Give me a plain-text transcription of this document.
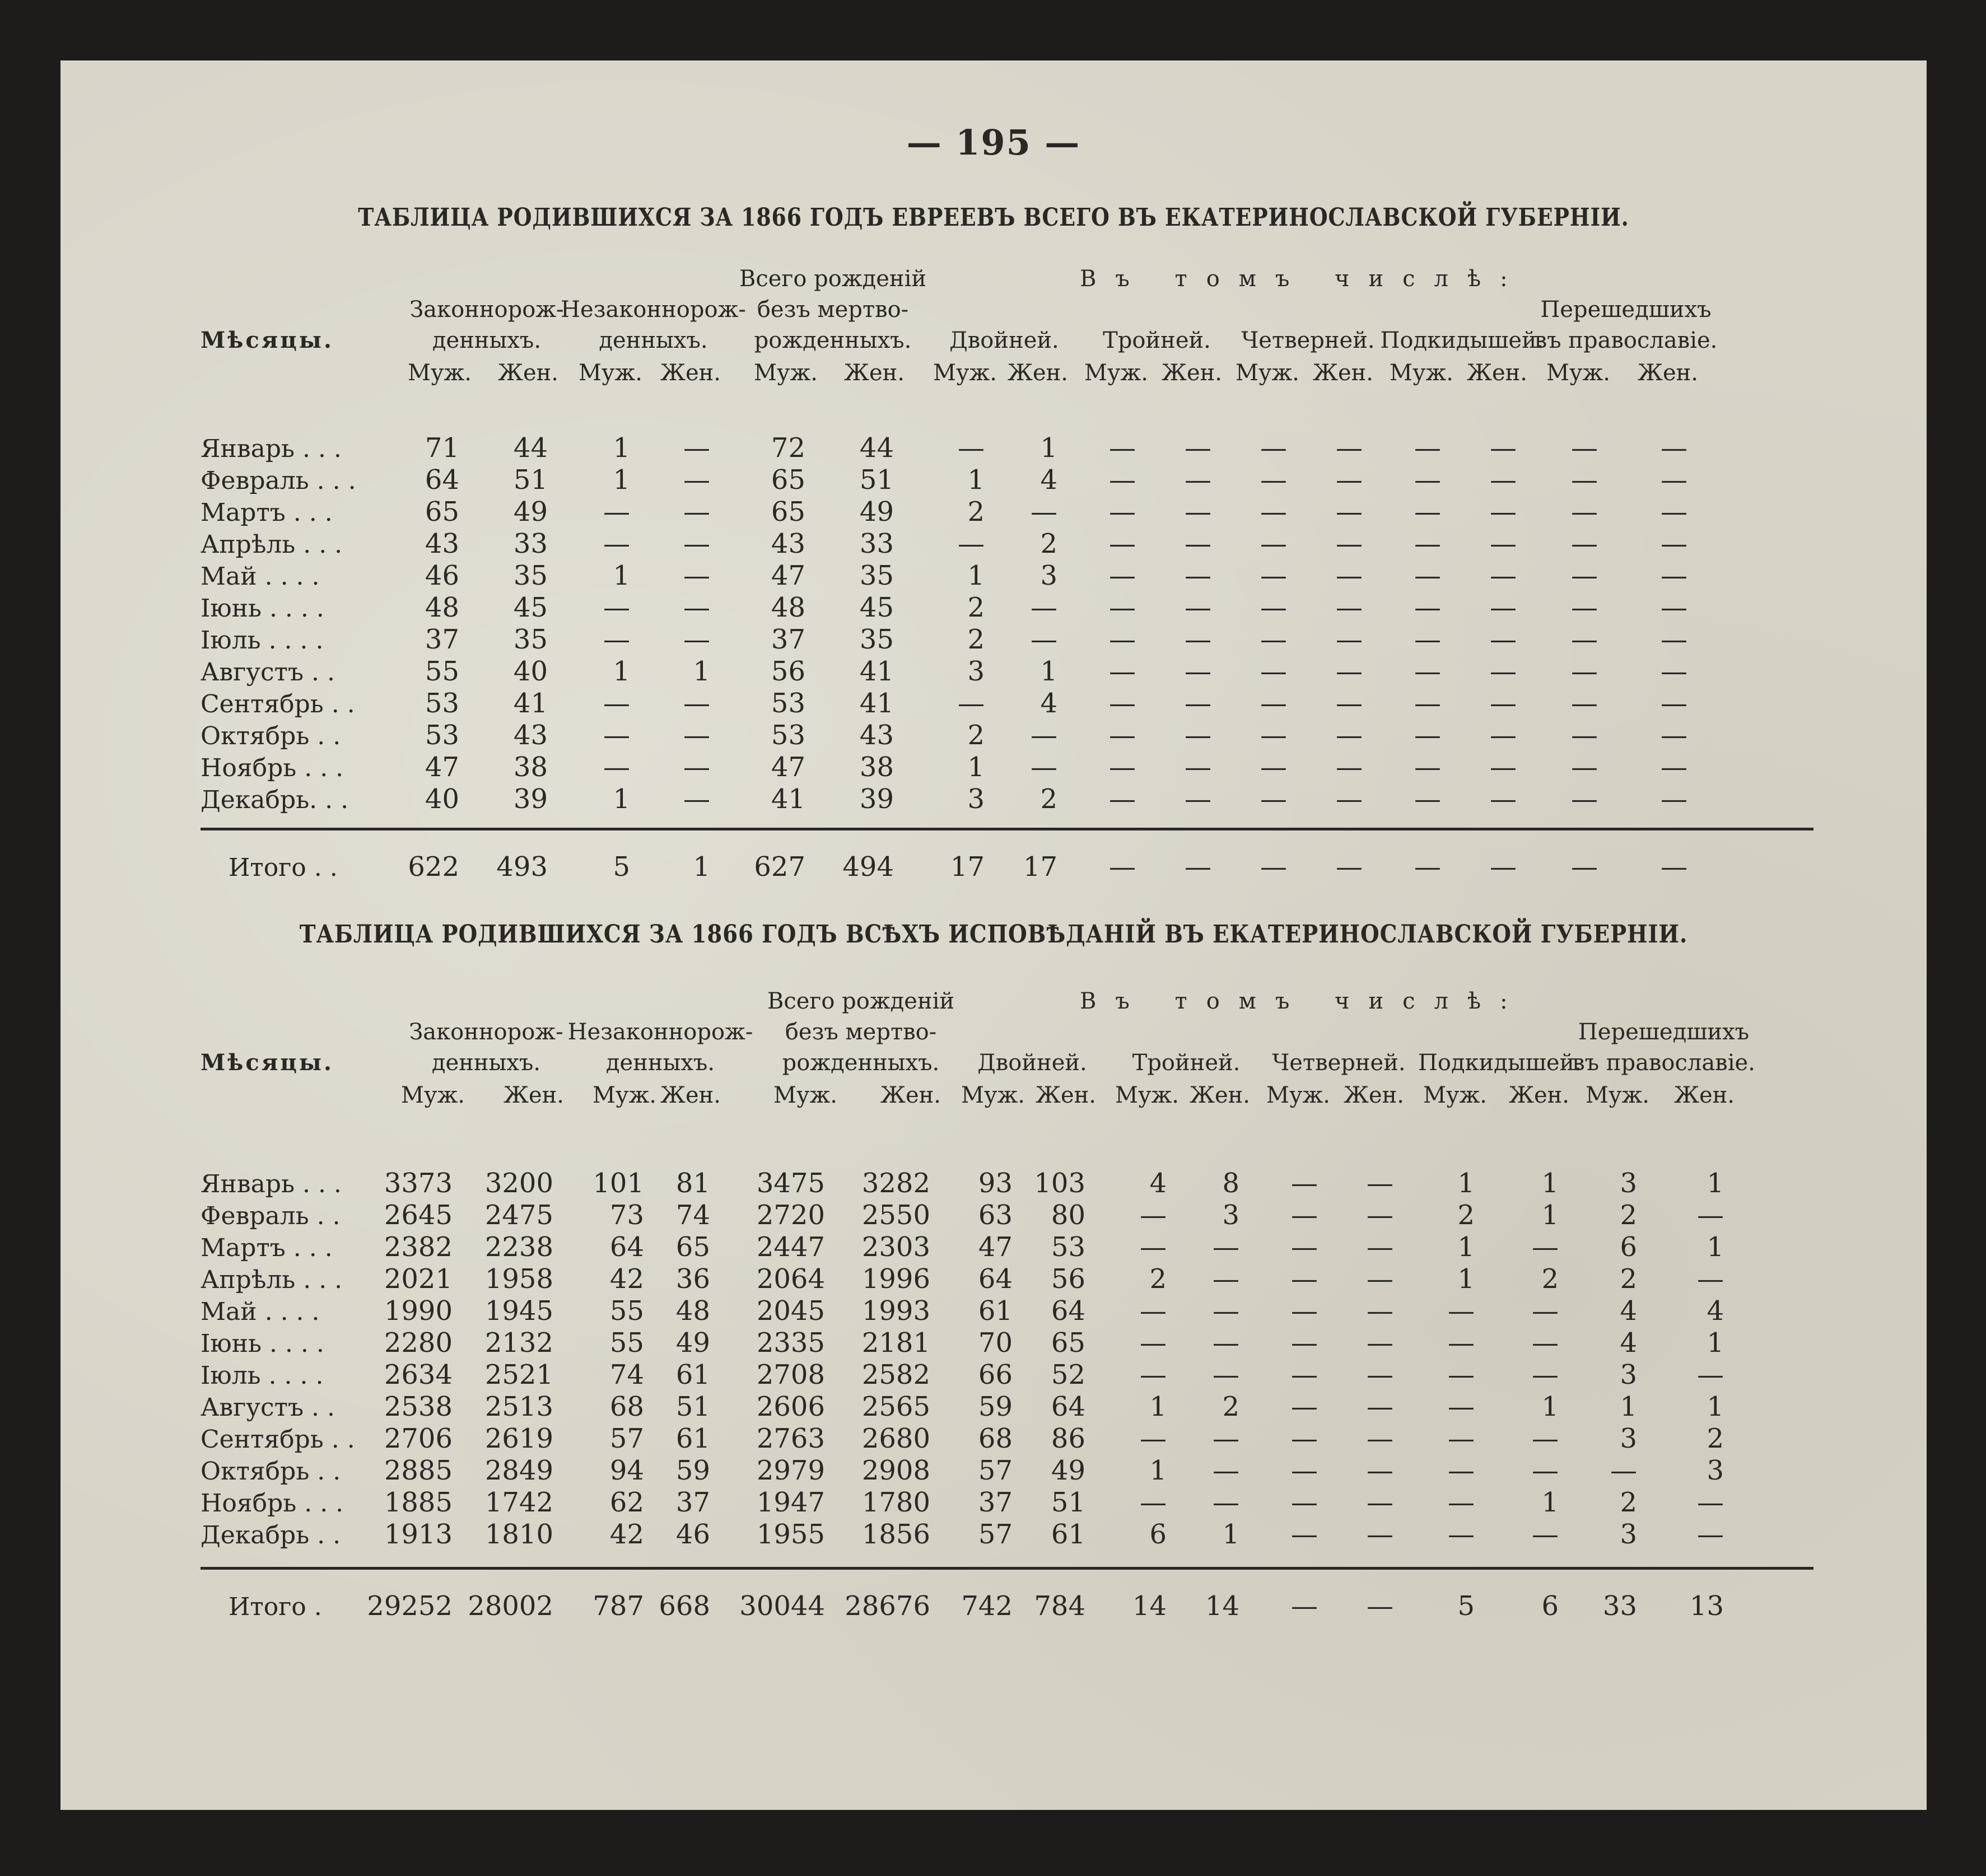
— 195 —
ТАБЛИЦА РОДИВШИХСЯ ЗА 1866 ГОДЪ ЕВРЕЕВЪ ВСЕГО ВЪ ЕКАТЕРИНОСЛАВСКОЙ ГУБЕРНІИ.
ТАБЛИЦА РОДИВШИХСЯ ЗА 1866 ГОДЪ ВСѢХЪ ИСПОВѢДАНІЙ ВЪ ЕКАТЕРИНОСЛАВСКОЙ ГУБЕРНІИ.
Всего рожденій
безъ мертво-
рожденныхъ.
Въ томъ числѣ:
Законнорож-
денныхъ.
Незаконнорож-
денныхъ.
Мѣсяцы.	Двойней. Тройней. Четверней. Подкидышей.
Перешедшихъ
въ православіе.
Муж. Жен. Муж. Жен. Муж. Жен. Муж. Жен. Муж. Жен. Муж. Жен. Муж. Жен. Муж. Жен.
Январь . . .	71 44 1 — 72 44 — 1 — — — — — — — —
Февраль . . .	64 51 1 — 65 51	1 4 — — — — — — — —
Мартъ . . .	65 49 — — 65 49	2 — — — — — — — — —
Апрѣль . . .	43 33 — — 43 33 — 2 — — — — — — — —
Май . . . .	46 35 1 — 47 35	1 3 — — — — — — — —
Іюнь . . . .	48 45 — — 48 45	2 — — — — — — — — —
Іюль . . . .	37 35 — — 37 35	2 — — — — — — — — —
Августъ . .	55 40 1 1 56 41	3 1 — — — — — — — —
Сентябрь . .	53 41 — — 53 41 — 4 — — — — — — — —
Октябрь . .	53 43 — — 53 43	2 — — — — — — — — —
Ноябрь . . .	47 38 — — 47 38	1 — — — — — — — — —
Декабрь. . .	40 39 1 — 41 39	3 2 — — — — — — — —
Итого . .	622 493 5 1 627 494 17 17 — — — — — — — —
Всего рожденій
безъ мертво-
рожденныхъ.
Въ томъ числѣ:
Законнорож-
денныхъ.
Незаконнорож-
денныхъ.
Мѣсяцы.	Двойней. Тройней. Четверней. Подкидышей.
Перешедшихъ
въ православіе.
Муж. Жен. Муж. Жен. Муж. Жен. Муж. Жен. Муж. Жен. Муж. Жен. Муж. Жен. Муж. Жен.
Январь . . . 3373 3200 101 81 3475 3282 93 103 4 8 — — 1 1 3	1
Февраль . . 2645 2475 73 74 2720 2550 63 80 — 3 — — 2 1 2 —
Мартъ . . . 2382 2238 64 65 2447 2303 47 53 — — — — 1 — 6	1
Апрѣль . . . 2021 1958 42 36 2064 1996 64 56 2 — — — 1 2 2 —
Май . . . . 1990 1945 55 48 2045 1993 61 64 — — — — — — 4	4
Іюнь . . . . 2280 2132 55 49 2335 2181 70 65 — — — — — — 4	1
Іюль . . . . 2634 2521 74 61 2708 2582 66 52 — — — — — — 3 —
Августъ . . 2538 2513 68 51 2606 2565 59 64 1 2 — — — 1 1	1
Сентябрь . . 2706 2619 57 61 2763 2680 68 86 — — — — — — 3	2
Октябрь . . 2885 2849 94 59 2979 2908 57 49 1 — — — — — —	3
Ноябрь . . . 1885 1742 62 37 1947 1780 37 51 — — — — — 1 2 —
Декабрь . . 1913 1810 42 46 1955 1856 57 61 6 1 — — — — 3 —
Итого . 29252 28002 787 668 30044 28676 742 784 14 14 — — 5 6 33 13
